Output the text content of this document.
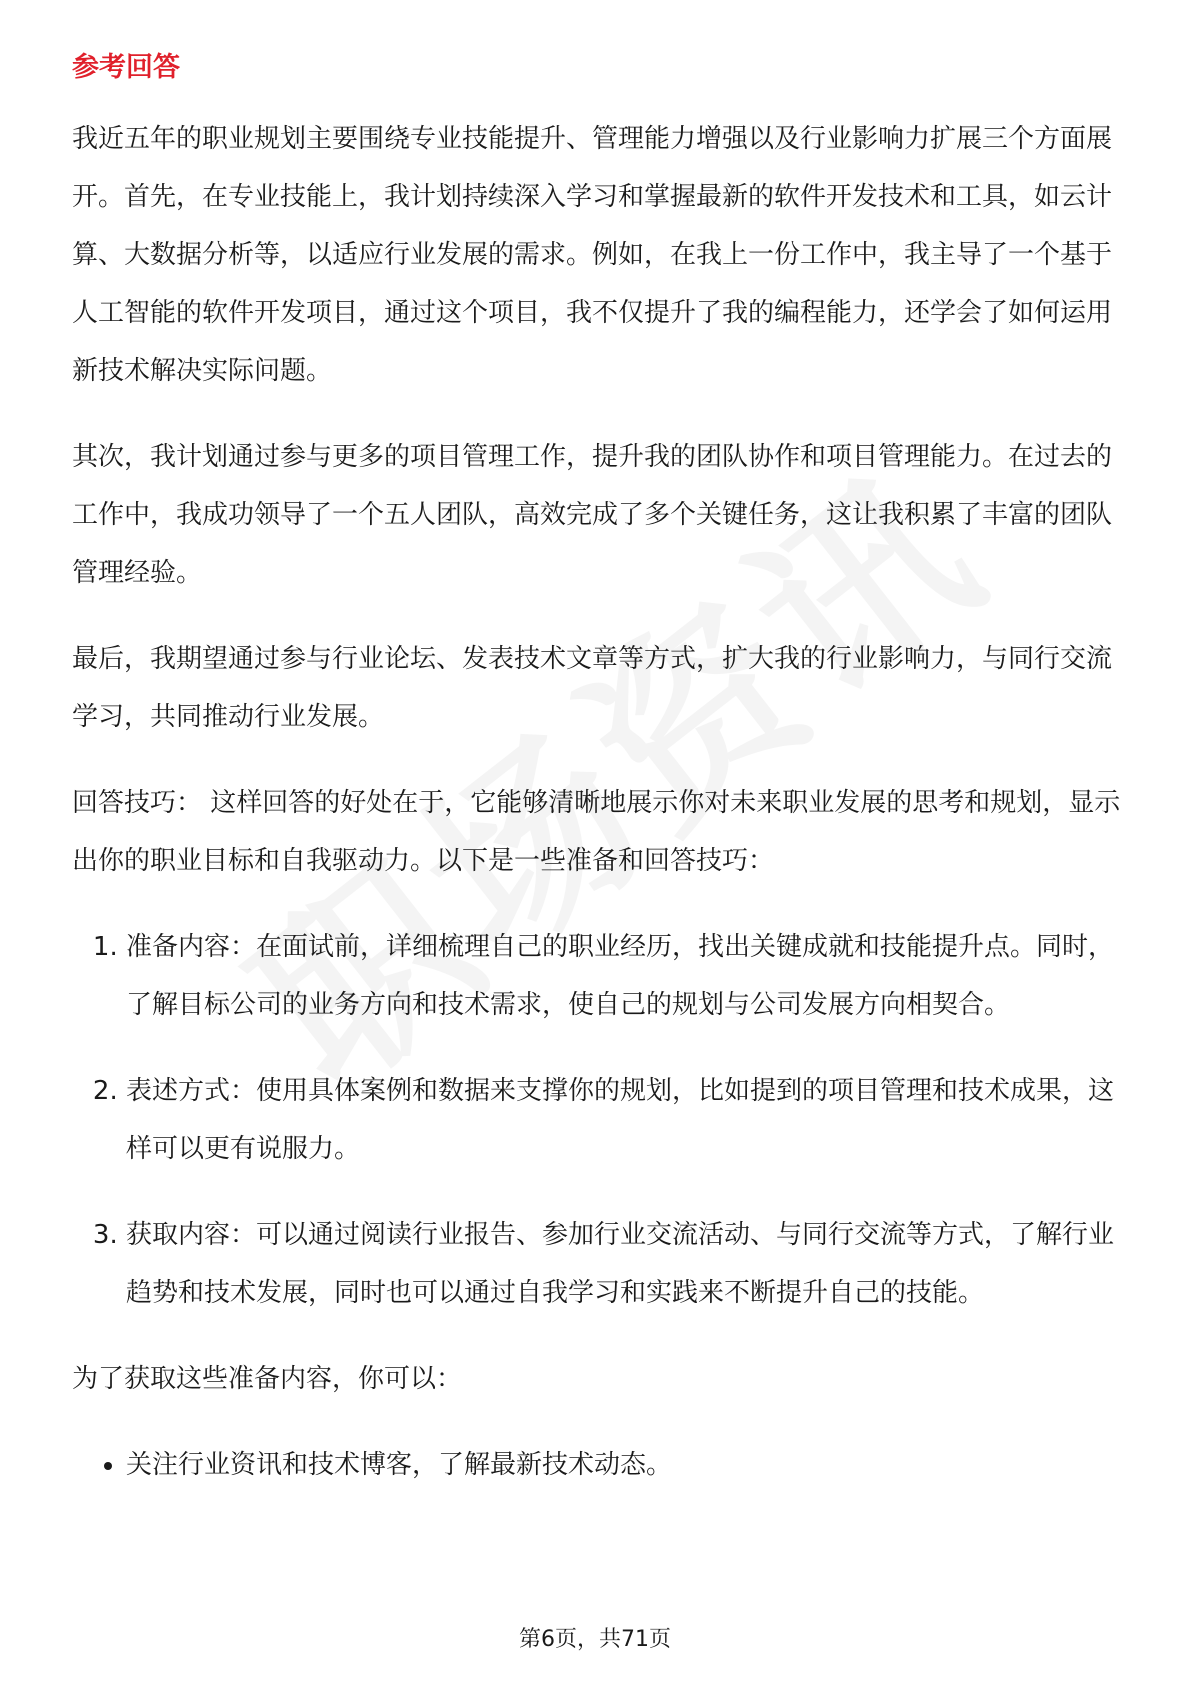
参考回答

我近五年的职业规划主要围绕专业技能提升、管理能力增强以及行业影响力扩展三个方面展开。首先，在专业技能上，我计划持续深入学习和掌握最新的软件开发技术和工具，如云计算、大数据分析等，以适应行业发展的需求。例如，在我上一份工作中，我主导了一个基于人工智能的软件开发项目，通过这个项目，我不仅提升了我的编程能力，还学会了如何运用新技术解决实际问题。

其次，我计划通过参与更多的项目管理工作，提升我的团队协作和项目管理能力。在过去的工作中，我成功领导了一个五人团队，高效完成了多个关键任务，这让我积累了丰富的团队管理经验。

最后，我期望通过参与行业论坛、发表技术文章等方式，扩大我的行业影响力，与同行交流学习，共同推动行业发展。

回答技巧： 这样回答的好处在于，它能够清晰地展示你对未来职业发展的思考和规划，显示出你的职业目标和自我驱动力。以下是一些准备和回答技巧：

1. 准备内容：在面试前，详细梳理自己的职业经历，找出关键成就和技能提升点。同时，了解目标公司的业务方向和技术需求，使自己的规划与公司发展方向相契合。
2. 表述方式：使用具体案例和数据来支撑你的规划，比如提到的项目管理和技术成果，这样可以更有说服力。
3. 获取内容：可以通过阅读行业报告、参加行业交流活动、与同行交流等方式，了解行业趋势和技术发展，同时也可以通过自我学习和实践来不断提升自己的技能。

为了获取这些准备内容，你可以：

• 关注行业资讯和技术博客，了解最新技术动态。
第6页，共71页
